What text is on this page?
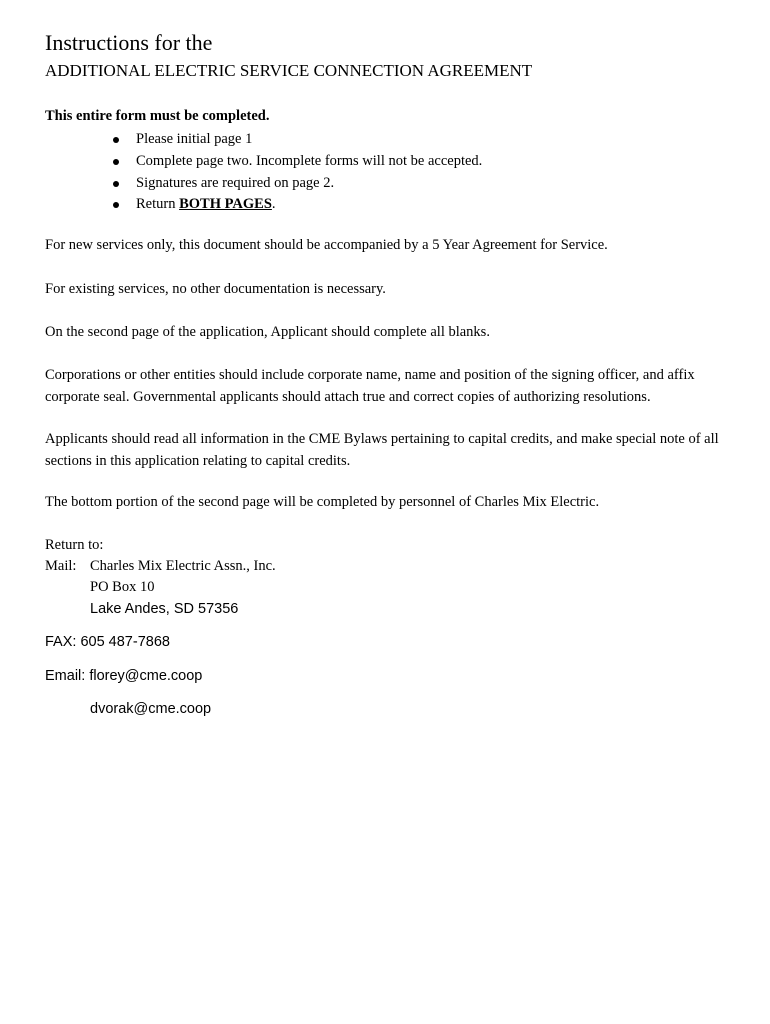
Instructions for the
ADDITIONAL ELECTRIC SERVICE CONNECTION AGREEMENT
This entire form must be completed.
Please initial page 1
Complete page two. Incomplete forms will not be accepted.
Signatures are required on page 2.
Return BOTH PAGES.
For new services only, this document should be accompanied by a 5 Year Agreement for Service.
For existing services, no other documentation is necessary.
On the second page of the application, Applicant should complete all blanks.
Corporations or other entities should include corporate name, name and position of the signing officer, and affix corporate seal. Governmental applicants should attach true and correct copies of authorizing resolutions.
Applicants should read all information in the CME Bylaws pertaining to capital credits, and make special note of all sections in this application relating to capital credits.
The bottom portion of the second page will be completed by personnel of Charles Mix Electric.
Return to:
Mail: Charles Mix Electric Assn., Inc.
PO Box 10
Lake Andes, SD 57356
FAX: 605 487-7868
Email: florey@cme.coop
dvorak@cme.coop
